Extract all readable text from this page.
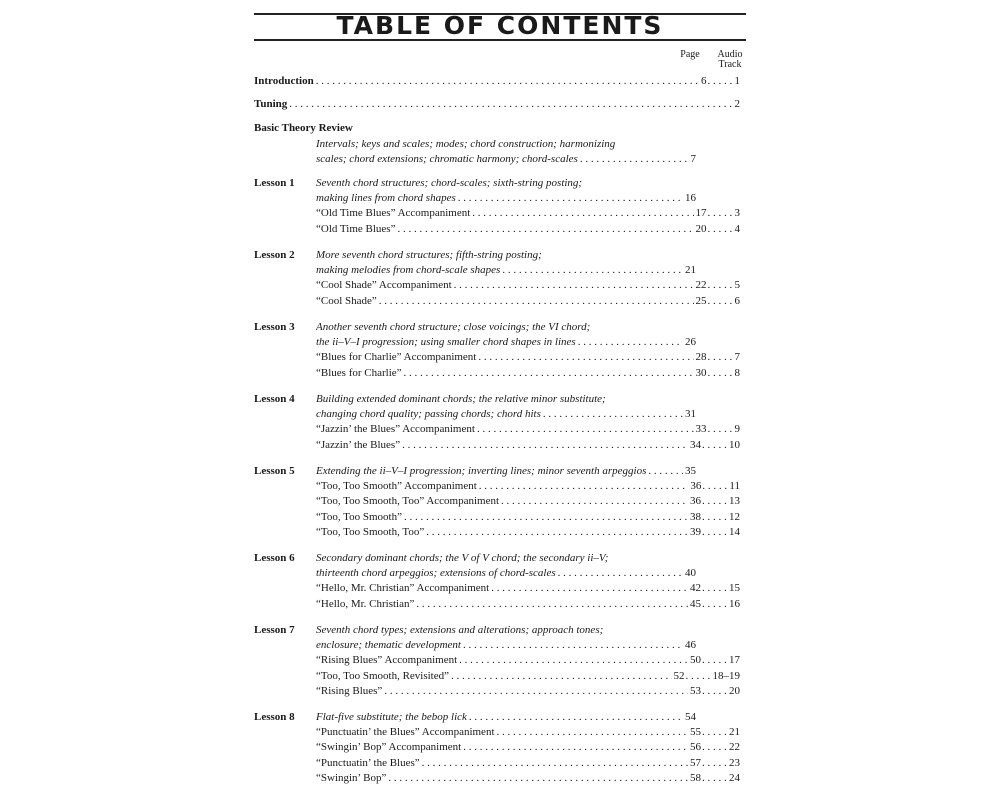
TABLE OF CONTENTS
Page	Audio
Track
Introduction . . .	6 . . .	1
Tuning . . .	2
Basic Theory Review
Intervals; keys and scales; modes; chord construction; harmonizing
scales; chord extensions; chromatic harmony; chord-scales . . .	7
Lesson 1 Seventh chord structures; chord-scales; sixth-string posting;
making lines from chord shapes . . .	16
“Old Time Blues” Accompaniment . . .	17 . . .	3
“Old Time Blues” . . .	20 . . .	4
Lesson 2 More seventh chord structures; fifth-string posting;
making melodies from chord-scale shapes . . .	21
“Cool Shade” Accompaniment . . .	22 . . .	5
“Cool Shade” . . .	25 . . .	6
Lesson 3 Another seventh chord structure; close voicings; the VI chord;
the ii–V–I progression; using smaller chord shapes in lines . . .	26
“Blues for Charlie” Accompaniment . . .	28 . . .	7
“Blues for Charlie” . . .	30 . . .	8
Lesson 4 Building extended dominant chords; the relative minor substitute;
changing chord quality; passing chords; chord hits . . .	31
“Jazzin’ the Blues” Accompaniment . . .	33 . . .	9
“Jazzin’ the Blues” . . .	34 . . .	10
Lesson 5 Extending the ii–V–I progression; inverting lines; minor seventh arpeggios . . .	35
“Too, Too Smooth” Accompaniment . . .	36 . . .	11
“Too, Too Smooth, Too” Accompaniment . . .	36 . . .	13
“Too, Too Smooth” . . .	38 . . .	12
“Too, Too Smooth, Too” . . .	39 . . .	14
Lesson 6 Secondary dominant chords; the V of V chord; the secondary ii–V;
thirteenth chord arpeggios; extensions of chord-scales . . .	40
“Hello, Mr. Christian” Accompaniment . . .	42 . . .	15
“Hello, Mr. Christian” . . .	45 . . .	16
Lesson 7 Seventh chord types; extensions and alterations; approach tones;
enclosure; thematic development . . .	46
“Rising Blues” Accompaniment . . .	50 . . .	17
“Too, Too Smooth, Revisited” . . .	52 . . .	18–19
“Rising Blues” . . .	53 . . .	20
Lesson 8 Flat-five substitute; the bebop lick . . .	54
“Punctuatin’ the Blues” Accompaniment . . .	55 . . .	21
“Swingin’ Bop” Accompaniment . . .	56 . . .	22
“Punctuatin’ the Blues” . . .	57 . . .	23
“Swingin’ Bop” . . .	58 . . .	24
